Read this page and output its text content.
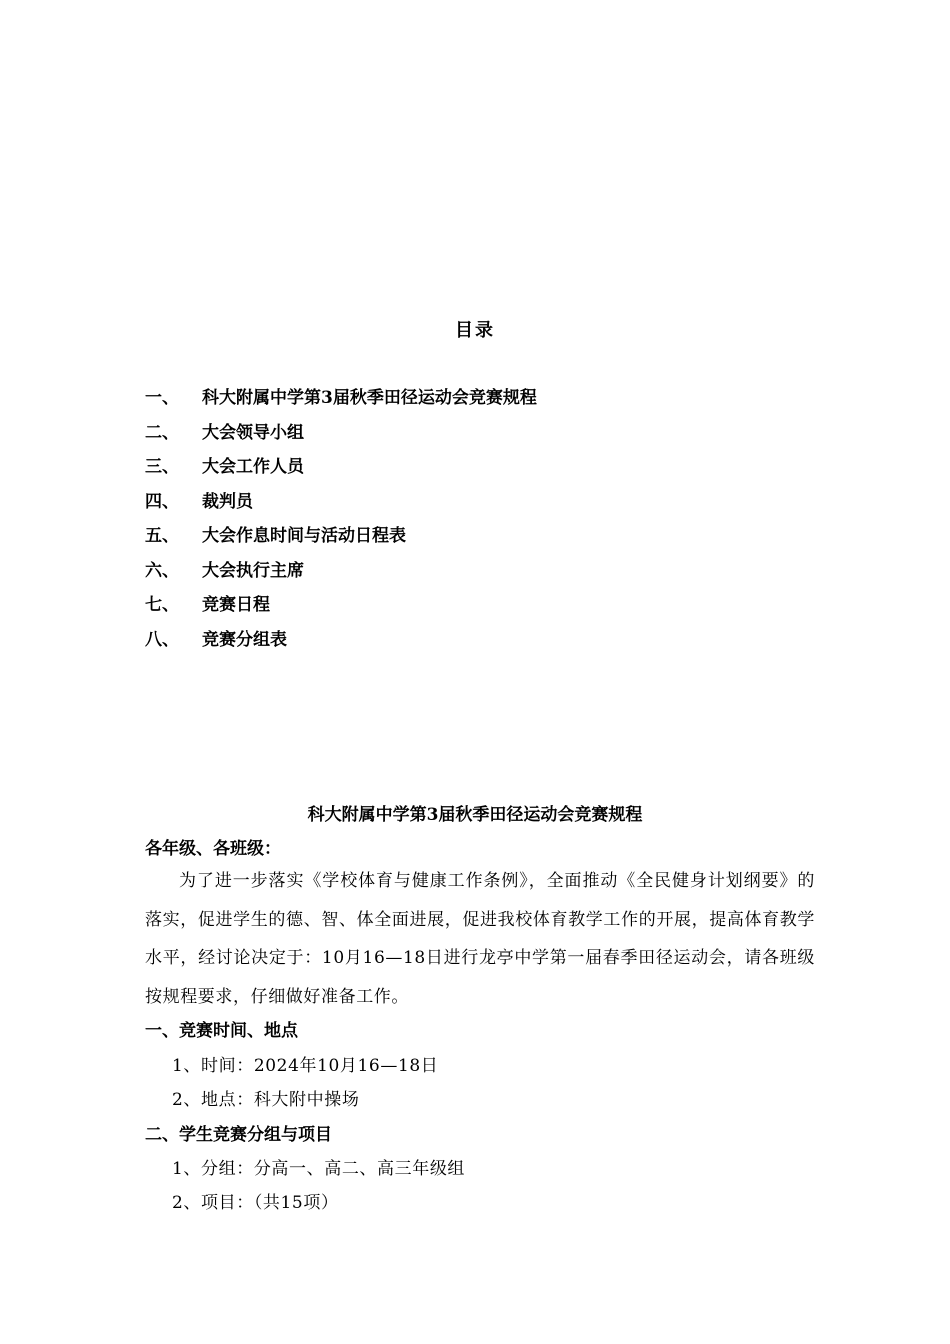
目录
一、 科大附属中学第3届秋季田径运动会竞赛规程
二、 大会领导小组
三、 大会工作人员
四、 裁判员
五、 大会作息时间与活动日程表
六、 大会执行主席
七、 竞赛日程
八、 竞赛分组表
科大附属中学第3届秋季田径运动会竞赛规程
各年级、各班级：
为了进一步落实《学校体育与健康工作条例》，全面推动《全民健身计划纲要》的落实，促进学生的德、智、体全面进展，促进我校体育教学工作的开展，提高体育教学水平，经讨论决定于：10月16—18日进行龙亭中学第一届春季田径运动会，请各班级按规程要求，仔细做好准备工作。
一、竞赛时间、地点
1、时间：2024年10月16—18日
2、地点：科大附中操场
二、学生竞赛分组与项目
1、分组：分高一、高二、高三年级组
2、项目：（共15项）
